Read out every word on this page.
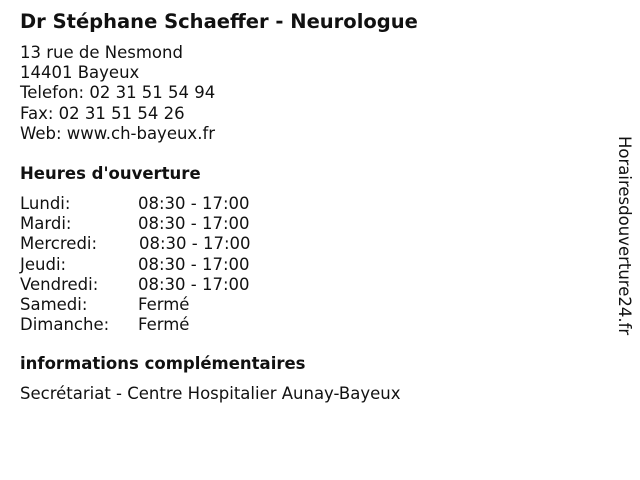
Dr Stéphane Schaeffer - Neurologue
13 rue de Nesmond
14401 Bayeux
Telefon: 02 31 51 54 94
Fax: 02 31 51 54 26
Web: www.ch-bayeux.fr
Heures d'ouverture
Lundi:	08:30 - 17:00
Mardi:	08:30 - 17:00
Mercredi:	08:30 - 17:00
Jeudi:	08:30 - 17:00
Vendredi: 08:30 - 17:00
Samedi:	Fermé
Dimanche: Fermé
informations complémentaires
Secrétariat - Centre Hospitalier Aunay-Bayeux
Horairesdouverture24.fr
